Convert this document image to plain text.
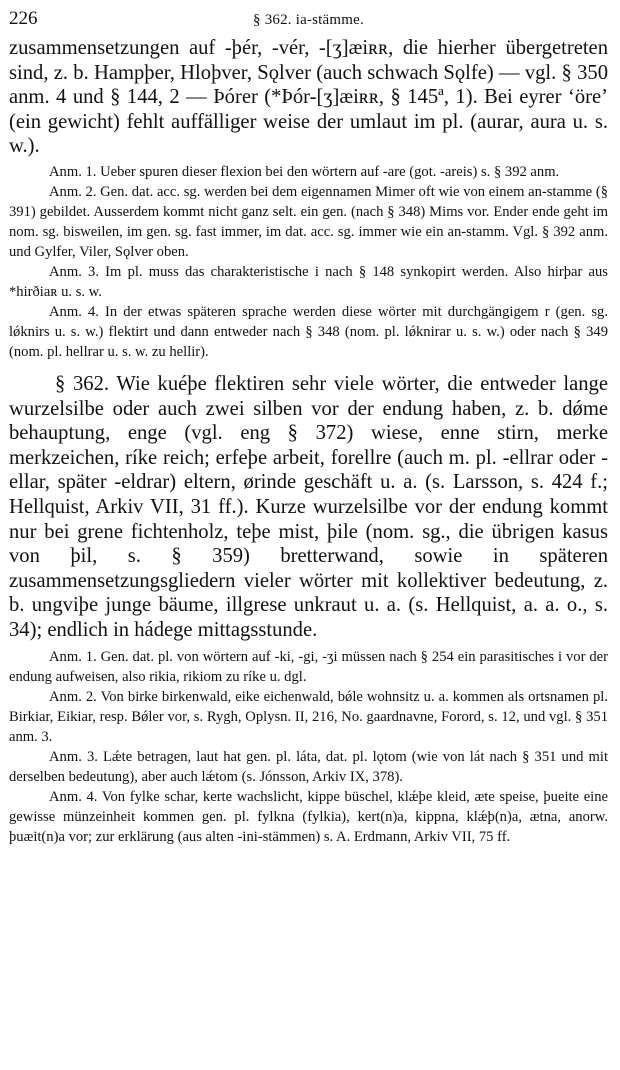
226	§ 362. ia-stämme.

zusammensetzungen auf -þér, -vér, -[ʒ]æiʀʀ, die hierher übergetreten sind, z. b. Hampþer, Hloþver, Sǫlver (auch schwach Sǫlfe) — vgl. § 350 anm. 4 und § 144, 2 — Þórer (*Þór-[ʒ]æiʀʀ, § 145ª, 1). Bei eyrer ‘öre’ (ein gewicht) fehlt auffälliger weise der umlaut im pl. (aurar, aura u. s. w.).

Anm. 1. Ueber spuren dieser flexion bei den wörtern auf -are (got. -areis) s. § 392 anm.

Anm. 2. Gen. dat. acc. sg. werden bei dem eigennamen Mimer oft wie von einem an-stamme (§ 391) gebildet. Ausserdem kommt nicht ganz selt. ein gen. (nach § 348) Mims vor. Ender ende geht im nom. sg. bisweilen, im gen. sg. fast immer, im dat. acc. sg. immer wie ein an-stamm. Vgl. § 392 anm. und Gylfer, Viler, Sǫlver oben.

Anm. 3. Im pl. muss das charakteristische i nach § 148 synkopirt werden. Also hirþar aus *hirðiaʀ u. s. w.

Anm. 4. In der etwas späteren sprache werden diese wörter mit durchgängigem r (gen. sg. lǿknirs u. s. w.) flektirt und dann entweder nach § 348 (nom. pl. lǿknirar u. s. w.) oder nach § 349 (nom. pl. hellrar u. s. w. zu hellir).

§ 362. Wie kuéþe flektiren sehr viele wörter, die entweder lange wurzelsilbe oder auch zwei silben vor der endung haben, z. b. dǿme behauptung, enge (vgl. eng § 372) wiese, enne stirn, merke merkzeichen, ríke reich; erfeþe arbeit, forellre (auch m. pl. -ellrar oder -ellar, später -eldrar) eltern, ørinde geschäft u. a. (s. Larsson, s. 424 f.; Hellquist, Arkiv VII, 31 ff.). Kurze wurzelsilbe vor der endung kommt nur bei grene fichtenholz, teþe mist, þile (nom. sg., die übrigen kasus von þil, s. § 359) bretterwand, sowie in späteren zusammensetzungsgliedern vieler wörter mit kollektiver bedeutung, z. b. ungviþe junge bäume, illgrese unkraut u. a. (s. Hellquist, a. a. o., s. 34); endlich in hádege mittagsstunde.

Anm. 1. Gen. dat. pl. von wörtern auf -ki, -gi, -ʒi müssen nach § 254 ein parasitisches i vor der endung aufweisen, also rikia, rikiom zu ríke u. dgl.

Anm. 2. Von birke birkenwald, eike eichenwald, bǿle wohnsitz u. a. kommen als ortsnamen pl. Birkiar, Eikiar, resp. Bǿler vor, s. Rygh, Oplysn. II, 216, No. gaardnavne, Forord, s. 12, und vgl. § 351 anm. 3.

Anm. 3. Lǽte betragen, laut hat gen. pl. láta, dat. pl. lǫtom (wie von lát nach § 351 und mit derselben bedeutung), aber auch lǽtom (s. Jónsson, Arkiv IX, 378).

Anm. 4. Von fylke schar, kerte wachslicht, kippe büschel, klǽþe kleid, æte speise, þueite eine gewisse münzeinheit kommen gen. pl. fylkna (fylkia), kert(n)a, kippna, klǽþ(n)a, ætna, anorw. þuæit(n)a vor; zur erklärung (aus alten -ini-stämmen) s. A. Erdmann, Arkiv VII, 75 ff.
